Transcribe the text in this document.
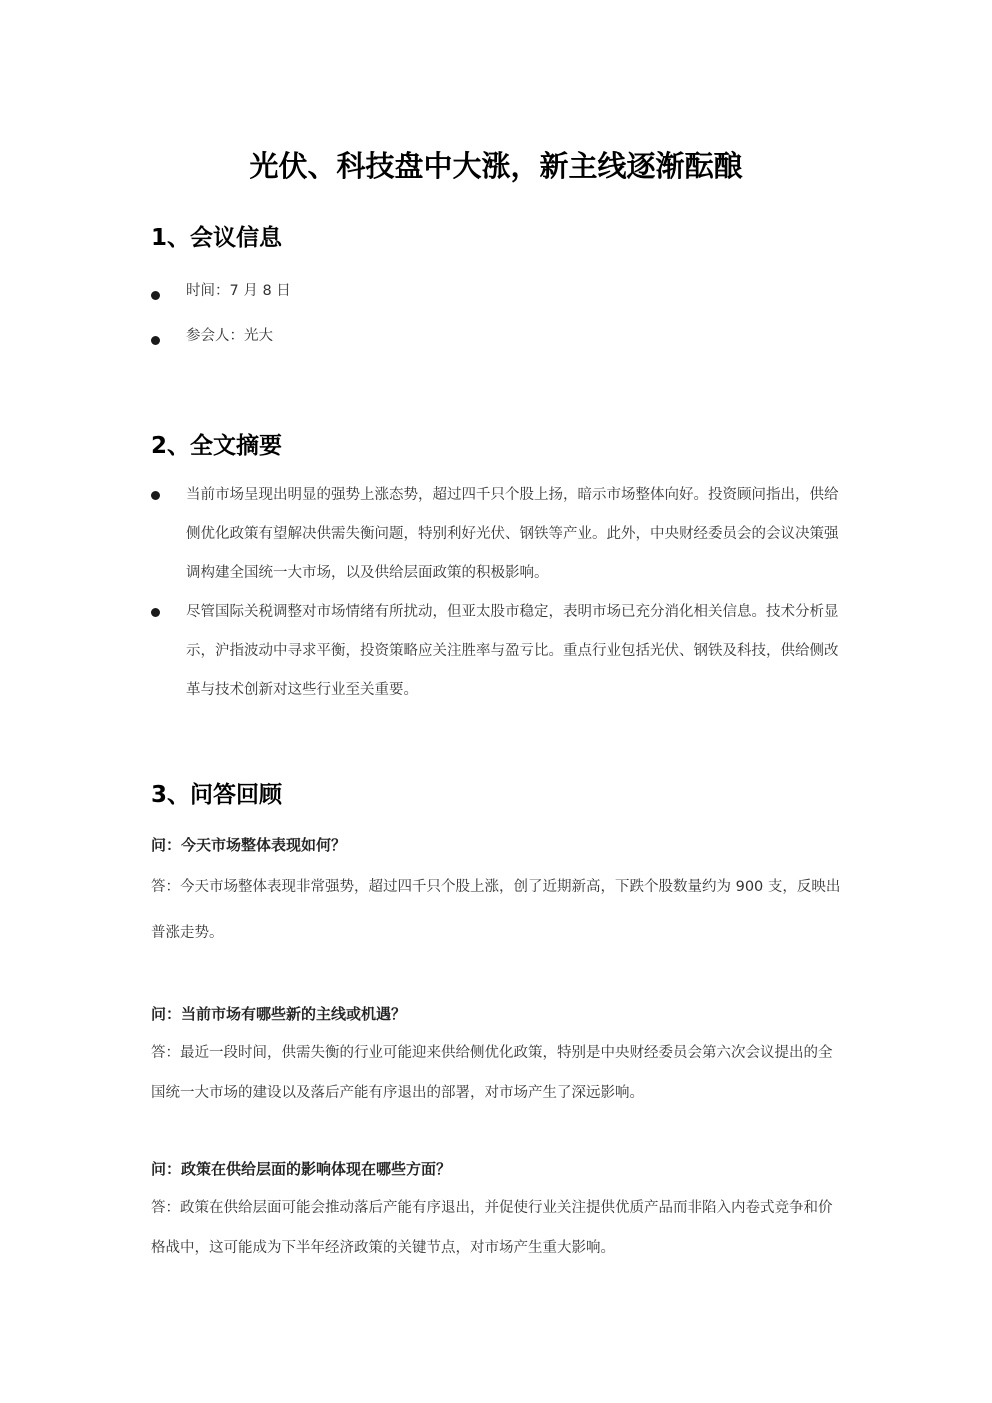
光伏、科技盘中大涨，新主线逐渐酝酿
1、会议信息
时间：7 月 8 日
参会人：光大
2、全文摘要
当前市场呈现出明显的强势上涨态势，超过四千只个股上扬，暗示市场整体向好。投资顾问指出，供给侧优化政策有望解决供需失衡问题，特别利好光伏、钢铁等产业。此外，中央财经委员会的会议决策强调构建全国统一大市场，以及供给层面政策的积极影响。
尽管国际关税调整对市场情绪有所扰动，但亚太股市稳定，表明市场已充分消化相关信息。技术分析显示，沪指波动中寻求平衡，投资策略应关注胜率与盈亏比。重点行业包括光伏、钢铁及科技，供给侧改革与技术创新对这些行业至关重要。
3、问答回顾

问：今天市场整体表现如何？

答：今天市场整体表现非常强势，超过四千只个股上涨，创了近期新高，下跌个股数量约为 900 支，反映出普涨走势。

问：当前市场有哪些新的主线或机遇？

答：最近一段时间，供需失衡的行业可能迎来供给侧优化政策，特别是中央财经委员会第六次会议提出的全国统一大市场的建设以及落后产能有序退出的部署，对市场产生了深远影响。

问：政策在供给层面的影响体现在哪些方面？

答：政策在供给层面可能会推动落后产能有序退出，并促使行业关注提供优质产品而非陷入内卷式竞争和价格战中，这可能成为下半年经济政策的关键节点，对市场产生重大影响。
